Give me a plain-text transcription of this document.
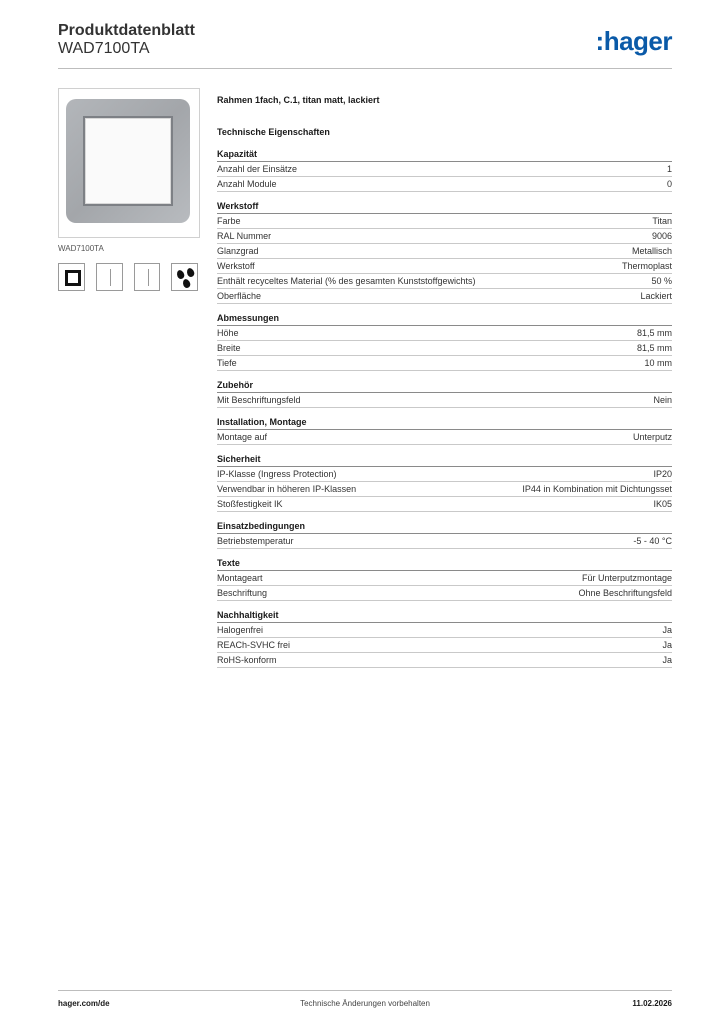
Produktdatenblatt
WAD7100TA	:hager
WAD7100TA
Rahmen 1fach, C.1, titan matt, lackiert
Technische Eigenschaften
Kapazität
Anzahl der Einsätze	1
Anzahl Module	0
Werkstoff
Farbe	Titan
RAL Nummer	9006
Glanzgrad	Metallisch
Werkstoff	Thermoplast
Enthält recyceltes Material (% des gesamten Kunststoffgewichts)	50 %
Oberfläche	Lackiert
Abmessungen
Höhe	81,5 mm
Breite	81,5 mm
Tiefe	10 mm
Zubehör
Mit Beschriftungsfeld	Nein
Installation, Montage
Montage auf	Unterputz
Sicherheit
IP-Klasse (Ingress Protection)	IP20
Verwendbar in höheren IP-Klassen	IP44 in Kombination mit Dichtungsset
Stoßfestigkeit IK	IK05
Einsatzbedingungen
Betriebstemperatur	-5 - 40 °C
Texte
Montageart	Für Unterputzmontage
Beschriftung	Ohne Beschriftungsfeld
Nachhaltigkeit
Halogenfrei	Ja
REACh-SVHC frei	Ja
RoHS-konform	Ja
hager.com/de	Technische Änderungen vorbehalten	11.02.2026
